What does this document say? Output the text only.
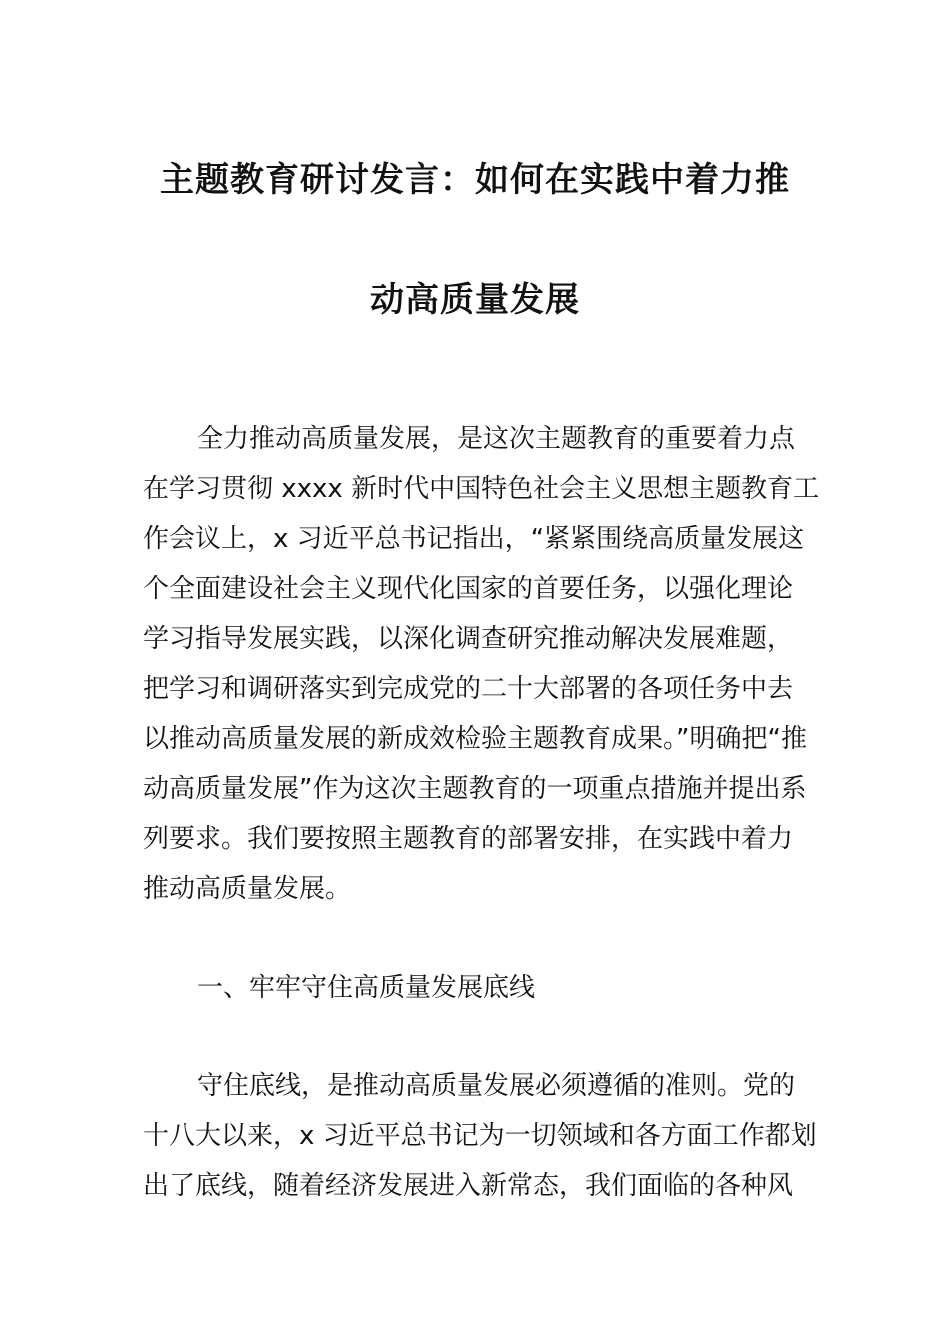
主题教育研讨发言：如何在实践中着力推
动高质量发展
全力推动高质量发展，是这次主题教育的重要着力点
在学习贯彻 xxxx 新时代中国特色社会主义思想主题教育工
作会议上，x 习近平总书记指出，“紧紧围绕高质量发展这
个全面建设社会主义现代化国家的首要任务，以强化理论
学习指导发展实践，以深化调查研究推动解决发展难题，
把学习和调研落实到完成党的二十大部署的各项任务中去
以推动高质量发展的新成效检验主题教育成果。”明确把“推
动高质量发展”作为这次主题教育的一项重点措施并提出系
列要求。我们要按照主题教育的部署安排，在实践中着力
推动高质量发展。
一、牢牢守住高质量发展底线
守住底线，是推动高质量发展必须遵循的准则。党的
十八大以来，x 习近平总书记为一切领域和各方面工作都划
出了底线，随着经济发展进入新常态，我们面临的各种风
